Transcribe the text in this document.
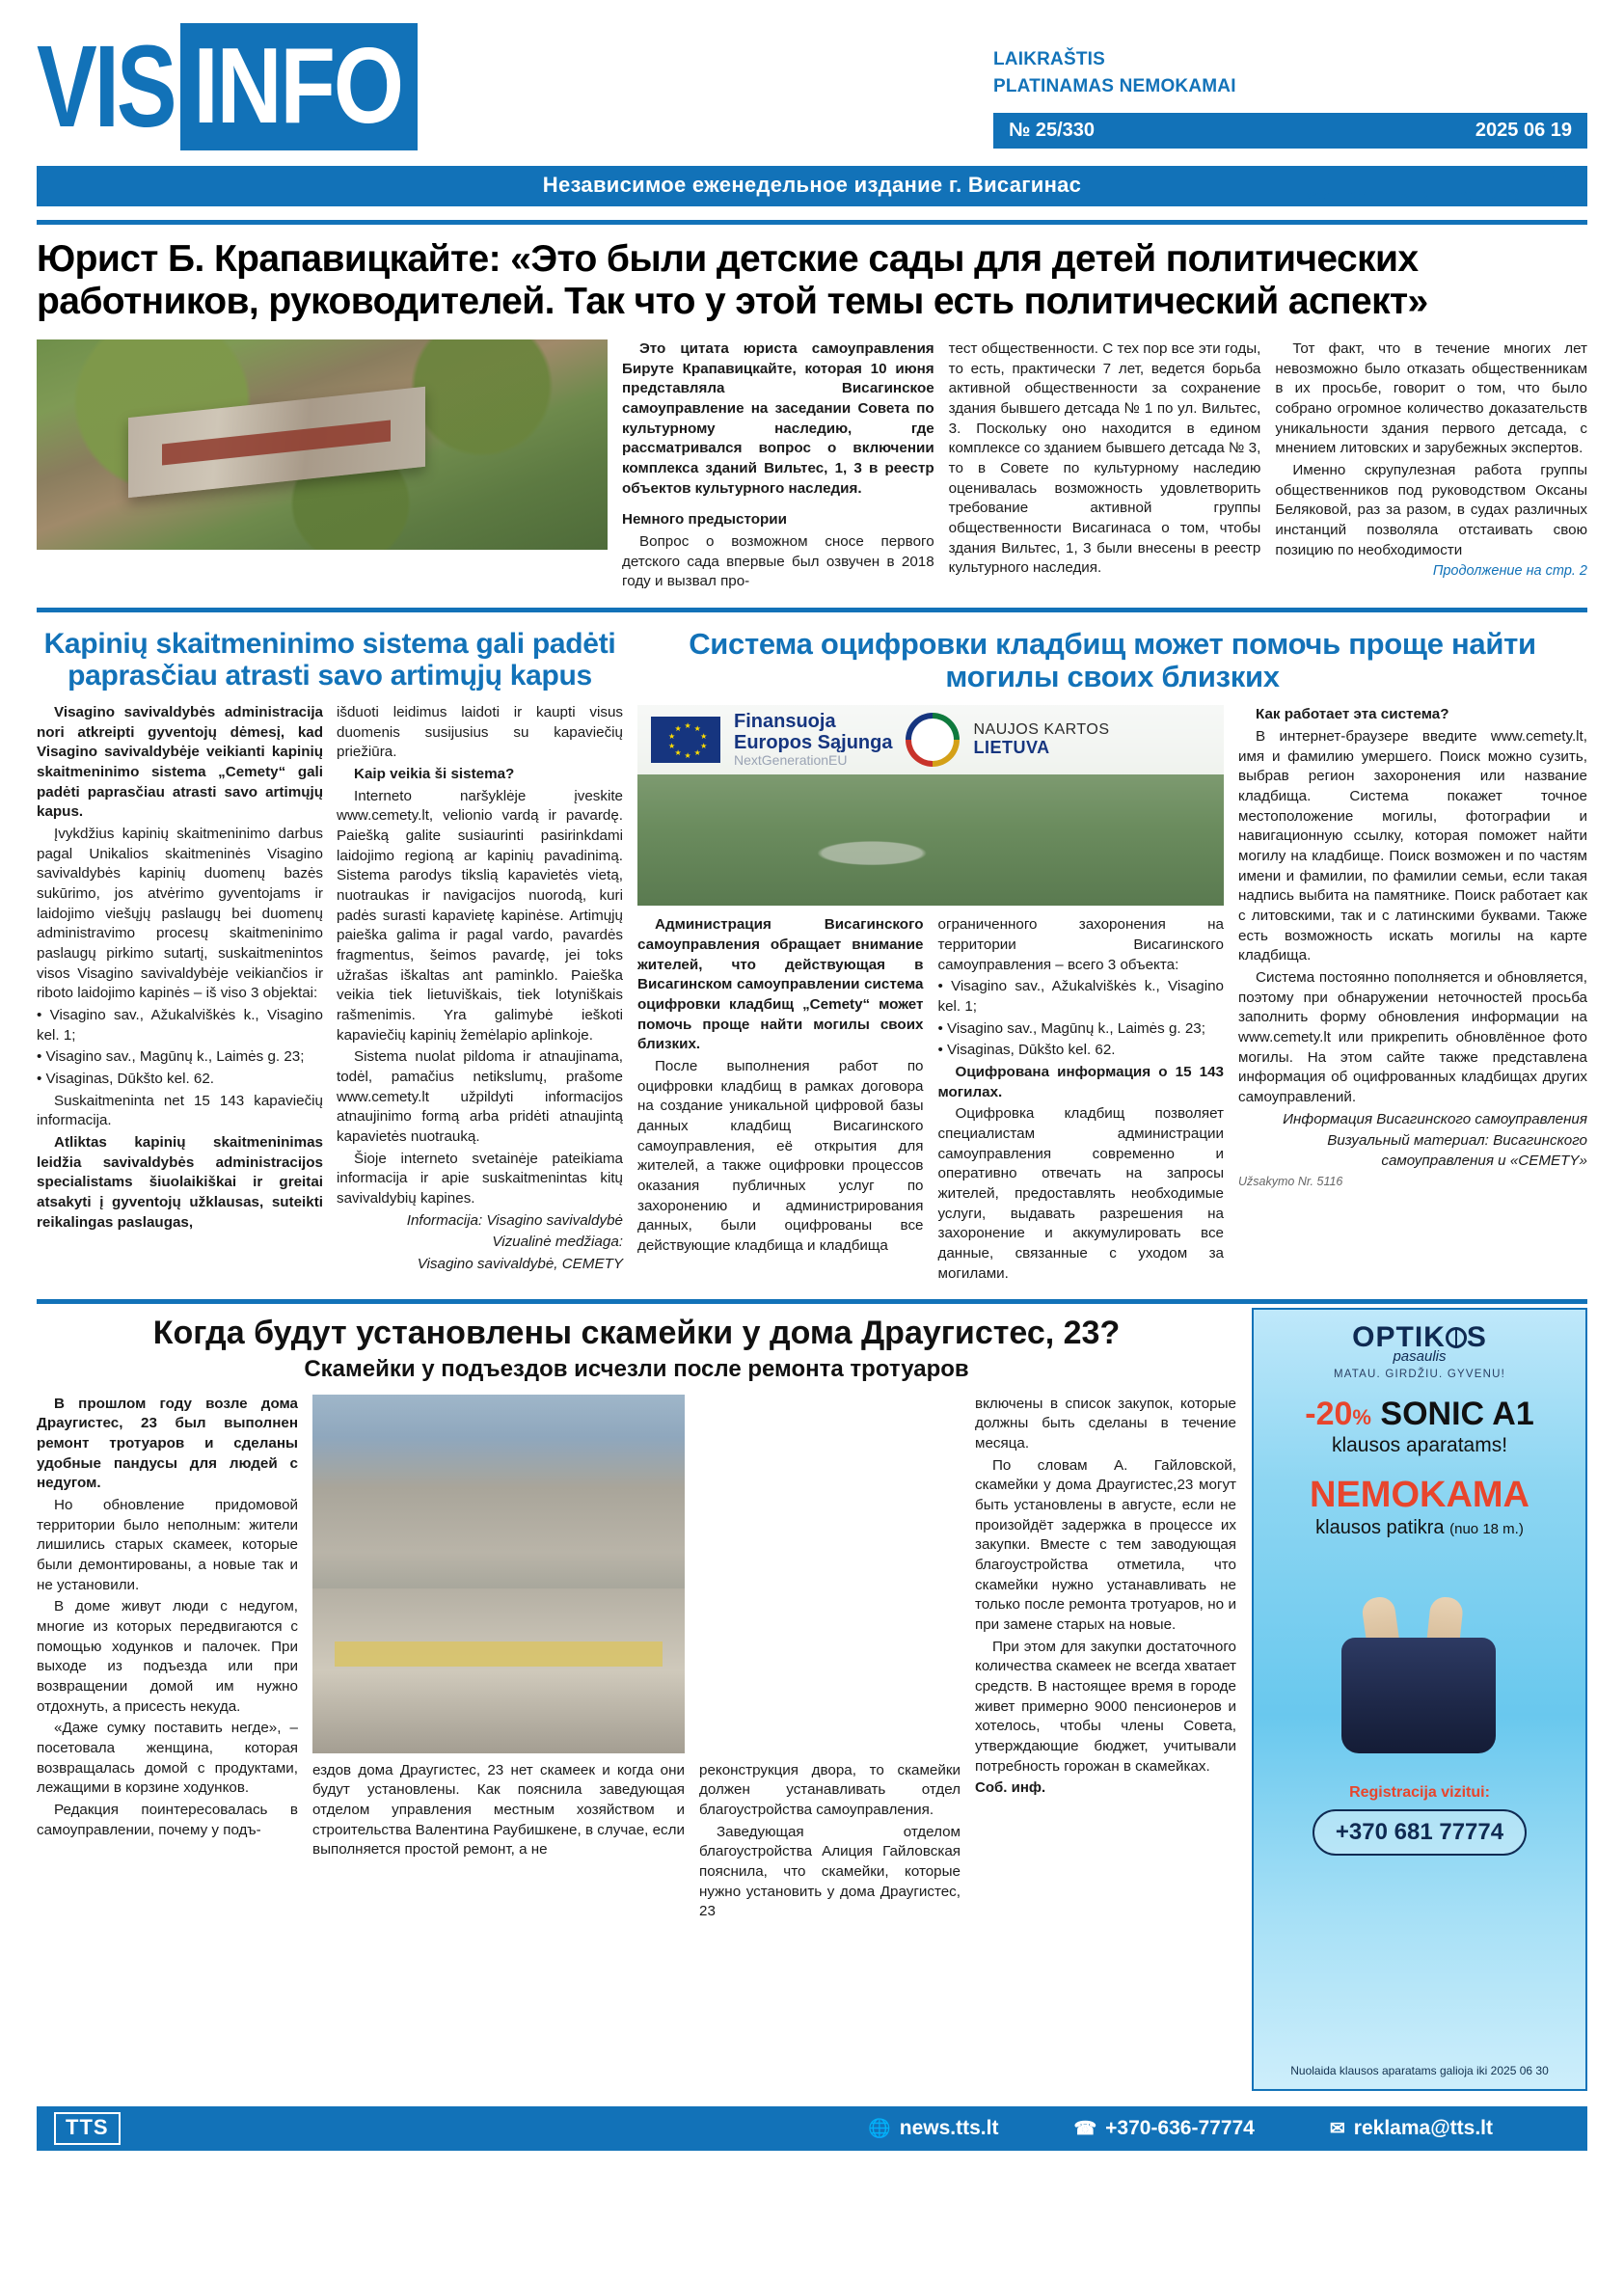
VIS INFO	LAIKRAŠTIS
PLATINAMAS NEMOKAMAI
№ 25/330	2025 06 19
ГАЗЕТА
РАСПРОСТРАНЯЕТСЯ БЕСПЛАТНО
Независимое еженедельное издание г. Висагинас
Юрист Б. Крапавицкайте: «Это были детские сады для детей политических работников, руководителей. Так что у этой темы есть политический аспект»

Это цитата юриста самоуправления Бируте Крапавицкайте, которая 10 июня представляла Висагинское самоуправление на заседании Совета по культурному наследию, где рассматривался вопрос о включении комплекса зданий Вильтес, 1, 3 в реестр объектов культурного наследия.

Немного предыстории

Вопрос о возможном сносе первого детского сада впервые был озвучен в 2018 году и вызвал про-

тест общественности. С тех пор все эти годы, то есть, практически 7 лет, ведется борьба активной общественности за сохранение здания бывшего детсада № 1 по ул. Вильтес, 3. Поскольку оно находится в едином комплексе со зданием бывшего детсада № 3, то в Совете по культурному наследию оценивалась возможность удовлетворить требование активной группы общественности Висагинаса о том, чтобы здания Вильтес, 1, 3 были внесены в реестр культурного наследия.

Тот факт, что в течение многих лет невозможно было отказать общественникам в их просьбе, говорит о том, что было собрано огромное количество доказательств уникальности здания первого детсада, с мнением литовских и зарубежных экспертов.

Именно скрупулезная работа группы общественников под руководством Оксаны Беляковой, раз за разом, в судах различных инстанций позволяла отстаивать свою позицию по необходимости

Продолжение на стр. 2

Kapinių skaitmeninimo sistema gali padėti paprasčiau atrasti savo artimųjų kapus

Visagino savivaldybės administracija nori atkreipti gyventojų dėmesį, kad Visagino savivaldybėje veikianti kapinių skaitmeninimo sistema „Cemety“ gali padėti paprasčiau atrasti savo artimųjų kapus.

Įvykdžius kapinių skaitmeninimo darbus pagal Unikalios skaitmeninės Visagino savivaldybės kapinių duomenų bazės sukūrimo, jos atvėrimo gyventojams ir laidojimo viešųjų paslaugų bei duomenų administravimo procesų skaitmeninimo paslaugų pirkimo sutartį, suskaitmenintos visos Visagino savivaldybėje veikiančios ir riboto laidojimo kapinės – iš viso 3 objektai:

• Visagino sav., Ažukalviškės k., Visagino kel. 1;

• Visagino sav., Magūnų k., Laimės g. 23;

• Visaginas, Dūkšto kel. 62.

Suskaitmeninta net 15 143 kapaviečių informacija.

Atliktas kapinių skaitmeninimas leidžia savivaldybės administracijos specialistams šiuolaikiškai ir greitai atsakyti į gyventojų užklausas, suteikti reikalingas paslaugas,

išduoti leidimus laidoti ir kaupti visus duomenis susijusius su kapaviečių priežiūra.

Kaip veikia ši sistema?

Interneto naršyklėje įveskite www.cemety.lt, velionio vardą ir pavardę. Paiešką galite susiaurinti pasirinkdami laidojimo regioną ar kapinių pavadinimą. Sistema parodys tikslią kapavietės vietą, nuotraukas ir navigacijos nuorodą, kuri padės surasti kapavietę kapinėse. Artimųjų paieška galima ir pagal vardo, pavardės fragmentus, šeimos pavardę, jei toks užrašas iškaltas ant paminklo. Paieška veikia tiek lietuviškais, tiek lotyniškais rašmenimis. Yra galimybė ieškoti kapaviečių kapinių žemėlapio aplinkoje.

Sistema nuolat pildoma ir atnaujinama, todėl, pamačius netikslumų, prašome www.cemety.lt užpildyti informacijos atnaujinimo formą arba pridėti atnaujintą kapavietės nuotrauką.

Šioje interneto svetainėje pateikiama informacija ir apie suskaitmenintas kitų savivaldybių kapines.

Informacija: Visagino savivaldybė

Vizualinė medžiaga:

Visagino savivaldybė, CEMETY

Система оцифровки кладбищ может помочь проще найти могилы своих близких
★ ★
★
★
★
★
★
★
★
★	Finansuoja
Europos Sąjunga
NextGenerationEU
NAUJOS KARTOS
LIETUVA

Администрация Висагинского самоуправления обращает внимание жителей, что действующая в Висагинском самоуправлении система оцифровки кладбищ „Cemety“ может помочь проще найти могилы своих близких.

После выполнения работ по оцифровки кладбищ в рамках договора на создание уникальной цифровой базы данных кладбищ Висагинского самоуправления, её открытия для жителей, а также оцифровки процессов оказания публичных услуг по захоронению и администрирования данных, были оцифрованы все действующие кладбища и кладбища

ограниченного захоронения на территории Висагинского самоуправления – всего 3 объекта:

• Visagino sav., Ažukalviškės k., Visagino kel. 1;

• Visagino sav., Magūnų k., Laimės g. 23;

• Visaginas, Dūkšto kel. 62.

Оцифрована информация о 15 143 могилах.

Оцифровка кладбищ позволяет специалистам администрации самоуправления современно и оперативно отвечать на запросы жителей, предоставлять необходимые услуги, выдавать разрешения на захоронение и аккумулировать все данные, связанные с уходом за могилами.

Как работает эта система?

В интернет-браузере введите www.cemety.lt, имя и фамилию умершего. Поиск можно сузить, выбрав регион захоронения или название кладбища. Система покажет точное местоположение могилы, фотографии и навигационную ссылку, которая поможет найти могилу на кладбище. Поиск возможен и по частям имени и фамилии, по фамилии семьи, если такая надпись выбита на памятнике. Поиск работает как с литовскими, так и с латинскими буквами. Также есть возможность искать могилы на карте кладбища.

Система постоянно пополняется и обновляется, поэтому при обнаружении неточностей просьба заполнить форму обновления информации на www.cemety.lt или прикрепить обновлённое фото могилы. На этом сайте также представлена информация об оцифрованных кладбищах других самоуправлений.

Информация Висагинского самоуправления

Визуальный материал: Висагинского самоуправления и «CEMETY»

Užsakymo Nr. 5116

Когда будут установлены скамейки у дома Драугистес, 23?
Скамейки у подъездов исчезли после ремонта тротуаров

В прошлом году возле дома Драугистес, 23 был выполнен ремонт тротуаров и сделаны удобные пандусы для людей с недугом.

Но обновление придомовой территории было неполным: жители лишились старых скамеек, которые были демонтированы, а новые так и не установили.

В доме живут люди с недугом, многие из которых передвигаются с помощью ходунков и палочек. При выходе из подъезда или при возвращении домой им нужно отдохнуть, а присесть некуда.

«Даже сумку поставить негде», – посетовала женщина, которая возвращалась домой с продуктами, лежащими в корзине ходунков.

Редакция поинтересовалась в самоуправлении, почему у подъ-

ездов дома Драугистес, 23 нет скамеек и когда они будут установлены. Как пояснила заведующая отделом управления местным хозяйством и строительства Валентина Раубишкене, в случае, если выполняется простой ремонт, а не

реконструкция двора, то скамейки должен устанавливать отдел благоустройства самоуправления.

Заведующая отделом благоустройства Алиция Гайловская пояснила, что скамейки, которые нужно установить у дома Драугистес, 23

включены в список закупок, которые должны быть сделаны в течение месяца.

По словам А. Гайловской, скамейки у дома Драугистес,23 могут быть установлены в августе, если не произойдёт задержка в процессе их закупки. Вместе с тем заводующая благоустройства отметила, что скамейки нужно устанавливать не только после ремонта тротуаров, но и при замене старых на новые.

При этом для закупки достаточного количества скамеек не всегда хватает средств. В настоящее время в городе живет примерно 9000 пенсионеров и хотелось, чтобы члены Совета, утверждающие бюджет, учитывали потребность горожан в скамейках.

Соб. инф.

OPTIK S
pasaulis
MATAU. GIRDŽIU. GYVENU!
-20% SONIC A1
klausos aparatams!
NEMOKAMA
klausos patikra (nuo 18 m.)
Registracija vizitui:
+370 681 77774
Nuolaida klausos aparatams galioja iki 2025 06 30
TTS	🌐 news.tts.lt	☎ +370-636-77774	✉ reklama@tts.lt
